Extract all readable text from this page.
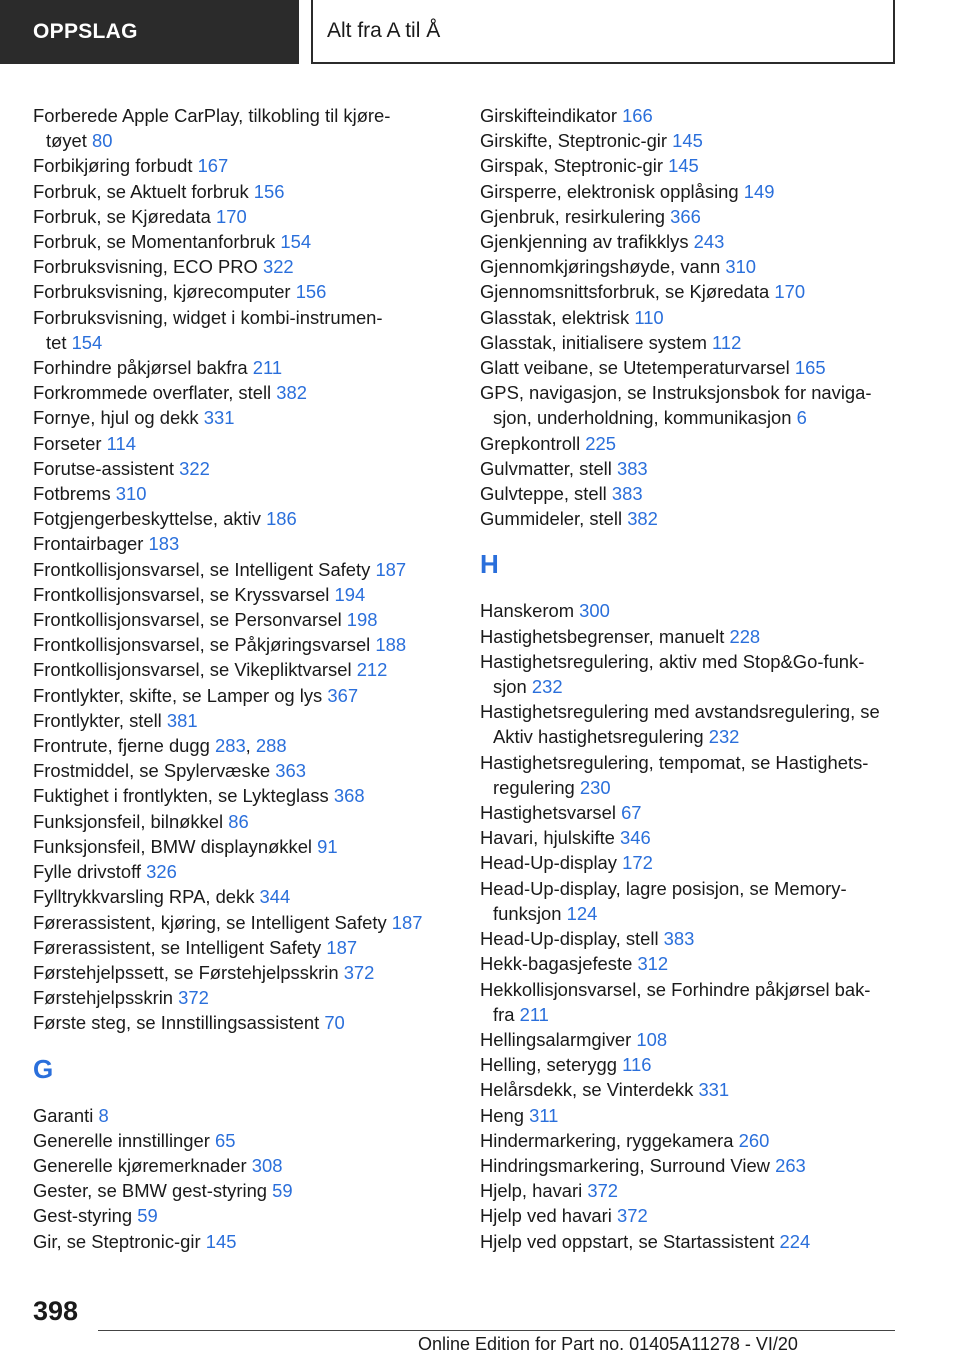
OPPSLAG	Alt fra A til Å
Forberede Apple CarPlay, tilkobling til kjøre-
tøyet 80
Forbikjøring forbudt 167
Forbruk, se Aktuelt forbruk 156
Forbruk, se Kjøredata 170
Forbruk, se Momentanforbruk 154
Forbruksvisning, ECO PRO 322
Forbruksvisning, kjørecomputer 156
Forbruksvisning, widget i kombi-instrumen-
tet 154
Forhindre påkjørsel bakfra 211
Forkrommede overflater, stell 382
Fornye, hjul og dekk 331
Forseter 114
Forutse-assistent 322
Fotbrems 310
Fotgjengerbeskyttelse, aktiv 186
Frontairbager 183
Frontkollisjonsvarsel, se Intelligent Safety 187
Frontkollisjonsvarsel, se Kryssvarsel 194
Frontkollisjonsvarsel, se Personvarsel 198
Frontkollisjonsvarsel, se Påkjøringsvarsel 188
Frontkollisjonsvarsel, se Vikepliktvarsel 212
Frontlykter, skifte, se Lamper og lys 367
Frontlykter, stell 381
Frontrute, fjerne dugg 283, 288
Frostmiddel, se Spylervæske 363
Fuktighet i frontlykten, se Lykteglass 368
Funksjonsfeil, bilnøkkel 86
Funksjonsfeil, BMW displaynøkkel 91
Fylle drivstoff 326
Fylltrykkvarsling RPA, dekk 344
Førerassistent, kjøring, se Intelligent Safety 187
Førerassistent, se Intelligent Safety 187
Førstehjelpssett, se Førstehjelpsskrin 372
Førstehjelpsskrin 372
Første steg, se Innstillingsassistent 70
G
Garanti 8
Generelle innstillinger 65
Generelle kjøremerknader 308
Gester, se BMW gest-styring 59
Gest-styring 59
Gir, se Steptronic-gir 145
Girskifteindikator 166
Girskifte, Steptronic-gir 145
Girspak, Steptronic-gir 145
Girsperre, elektronisk opplåsing 149
Gjenbruk, resirkulering 366
Gjenkjenning av trafikklys 243
Gjennomkjøringshøyde, vann 310
Gjennomsnittsforbruk, se Kjøredata 170
Glasstak, elektrisk 110
Glasstak, initialisere system 112
Glatt veibane, se Utetemperaturvarsel 165
GPS, navigasjon, se Instruksjonsbok for naviga-
sjon, underholdning, kommunikasjon 6
Grepkontroll 225
Gulvmatter, stell 383
Gulvteppe, stell 383
Gummideler, stell 382
H
Hanskerom 300
Hastighetsbegrenser, manuelt 228
Hastighetsregulering, aktiv med Stop&Go-funk-
sjon 232
Hastighetsregulering med avstandsregulering, se
Aktiv hastighetsregulering 232
Hastighetsregulering, tempomat, se Hastighets-
regulering 230
Hastighetsvarsel 67
Havari, hjulskifte 346
Head-Up-display 172
Head-Up-display, lagre posisjon, se Memory-
funksjon 124
Head-Up-display, stell 383
Hekk-bagasjefeste 312
Hekkollisjonsvarsel, se Forhindre påkjørsel bak-
fra 211
Hellingsalarmgiver 108
Helling, seterygg 116
Helårsdekk, se Vinterdekk 331
Heng 311
Hindermarkering, ryggekamera 260
Hindringsmarkering, Surround View 263
Hjelp, havari 372
Hjelp ved havari 372
Hjelp ved oppstart, se Startassistent 224
398
Online Edition for Part no. 01405A11278 - VI/20
